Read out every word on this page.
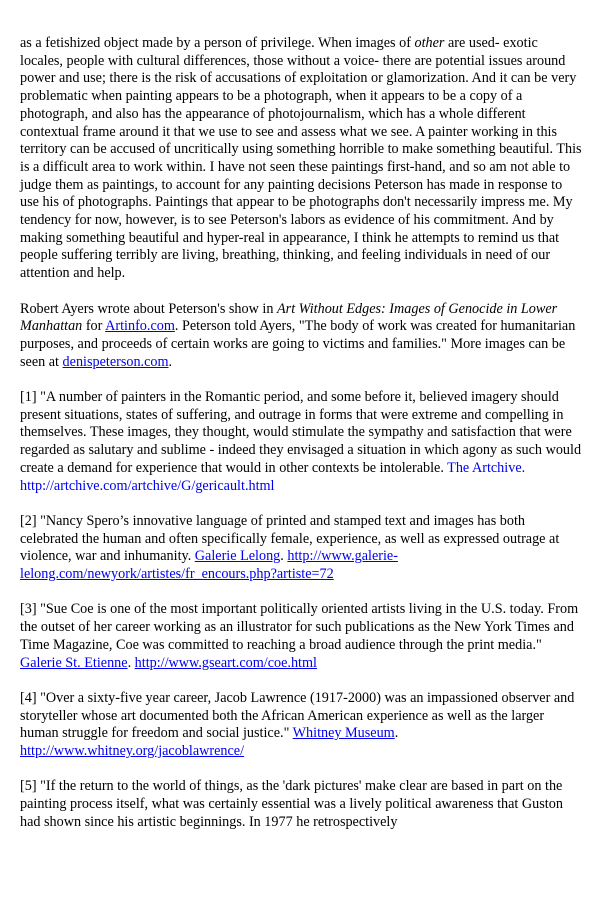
as a fetishized object made by a person of privilege. When images of other are used- exotic locales, people with cultural differences, those without a voice- there are potential issues around power and use; there is the risk of accusations of exploitation or glamorization. And it can be very problematic when painting appears to be a photograph, when it appears to be a copy of a photograph, and also has the appearance of photojournalism, which has a whole different contextual frame around it that we use to see and assess what we see. A painter working in this territory can be accused of uncritically using something horrible to make something beautiful. This is a difficult area to work within. I have not seen these paintings first-hand, and so am not able to judge them as paintings, to account for any painting decisions Peterson has made in response to use his of photographs. Paintings that appear to be photographs don't necessarily impress me. My tendency for now, however, is to see Peterson's labors as evidence of his commitment. And by making something beautiful and hyper-real in appearance, I think he attempts to remind us that people suffering terribly are living, breathing, thinking, and feeling individuals in need of our attention and help.

Robert Ayers wrote about Peterson's show in Art Without Edges: Images of Genocide in Lower Manhattan for Artinfo.com. Peterson told Ayers, "The body of work was created for humanitarian purposes, and proceeds of certain works are going to victims and families." More images can be seen at denispeterson.com.

[1] "A number of painters in the Romantic period, and some before it, believed imagery should present situations, states of suffering, and outrage in forms that were extreme and compelling in themselves. These images, they thought, would stimulate the sympathy and satisfaction that were regarded as salutary and sublime - indeed they envisaged a situation in which agony as such would create a demand for experience that would in other contexts be intolerable. The Artchive. http://artchive.com/artchive/G/gericault.html

[2] "Nancy Spero’s innovative language of printed and stamped text and images has both celebrated the human and often specifically female, experience, as well as expressed outrage at violence, war and inhumanity. Galerie Lelong. http://www.galerie-lelong.com/newyork/artistes/fr_encours.php?artiste=72

[3] "Sue Coe is one of the most important politically oriented artists living in the U.S. today. From the outset of her career working as an illustrator for such publications as the New York Times and Time Magazine, Coe was committed to reaching a broad audience through the print media." Galerie St. Etienne. http://www.gseart.com/coe.html

[4] "Over a sixty-five year career, Jacob Lawrence (1917-2000) was an impassioned observer and storyteller whose art documented both the African American experience as well as the larger human struggle for freedom and social justice." Whitney Museum. http://www.whitney.org/jacoblawrence/

[5] "If the return to the world of things, as the 'dark pictures' make clear are based in part on the painting process itself, what was certainly essential was a lively political awareness that Guston had shown since his artistic beginnings. In 1977 he retrospectively
